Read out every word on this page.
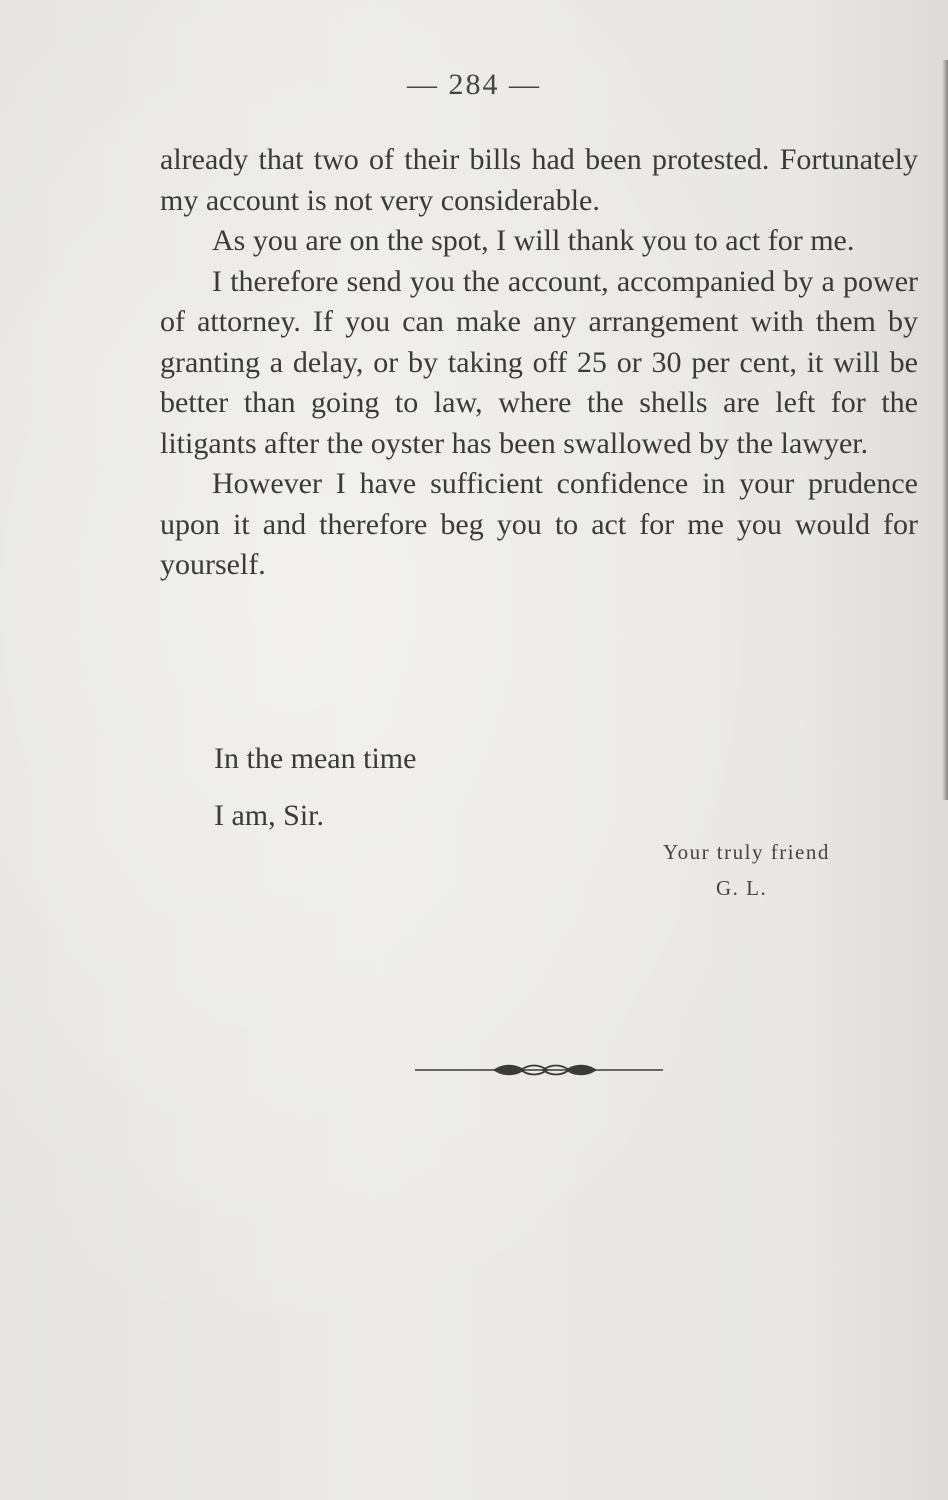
— 284 —

already that two of their bills had been protested. Fortunately my account is not very considerable.

As you are on the spot, I will thank you to act for me.

I therefore send you the account, accompanied by a power of attorney. If you can make any arrangement with them by granting a delay, or by taking off 25 or 30 per cent, it will be better than going to law, where the shells are left for the litigants after the oyster has been swallowed by the lawyer.

However I have sufficient confidence in your prudence upon it and therefore beg you to act for me you would for yourself.

In the mean time

I am, Sir.

Your truly friend
G. L.
